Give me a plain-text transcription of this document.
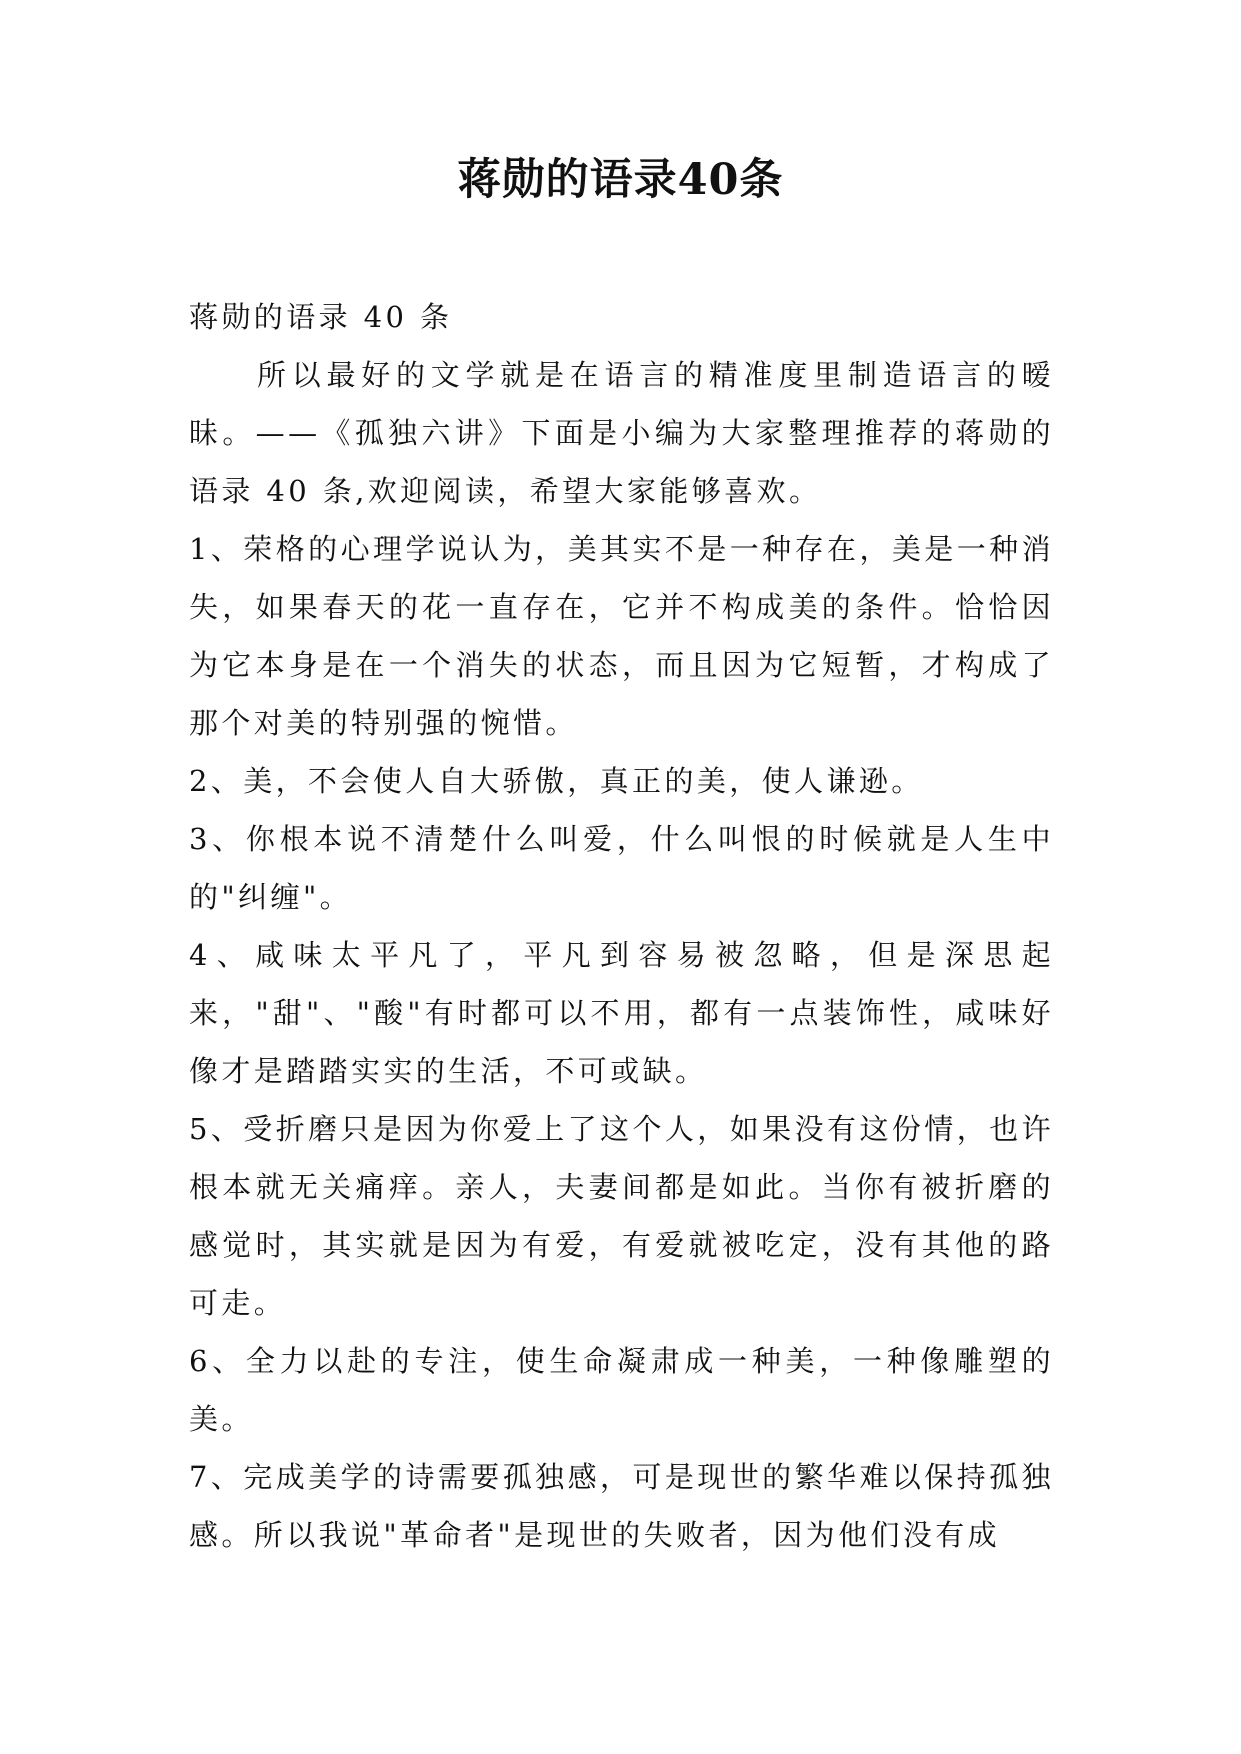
蒋勋的语录40条

蒋勋的语录 40 条

所以最好的文学就是在语言的精准度里制造语言的暧昧。——《孤独六讲》下面是小编为大家整理推荐的蒋勋的语录 40 条,欢迎阅读，希望大家能够喜欢。

1、荣格的心理学说认为，美其实不是一种存在，美是一种消失，如果春天的花一直存在，它并不构成美的条件。恰恰因为它本身是在一个消失的状态，而且因为它短暂，才构成了那个对美的特别强的惋惜。

2、美，不会使人自大骄傲，真正的美，使人谦逊。

3、你根本说不清楚什么叫爱，什么叫恨的时候就是人生中的"纠缠"。

4、咸味太平凡了，平凡到容易被忽略，但是深思起来，"甜"、"酸"有时都可以不用，都有一点装饰性，咸味好像才是踏踏实实的生活，不可或缺。

5、受折磨只是因为你爱上了这个人，如果没有这份情，也许根本就无关痛痒。亲人，夫妻间都是如此。当你有被折磨的感觉时，其实就是因为有爱，有爱就被吃定，没有其他的路可走。

6、全力以赴的专注，使生命凝肃成一种美，一种像雕塑的美。

7、完成美学的诗需要孤独感，可是现世的繁华难以保持孤独感。所以我说"革命者"是现世的失败者，因为他们没有成
